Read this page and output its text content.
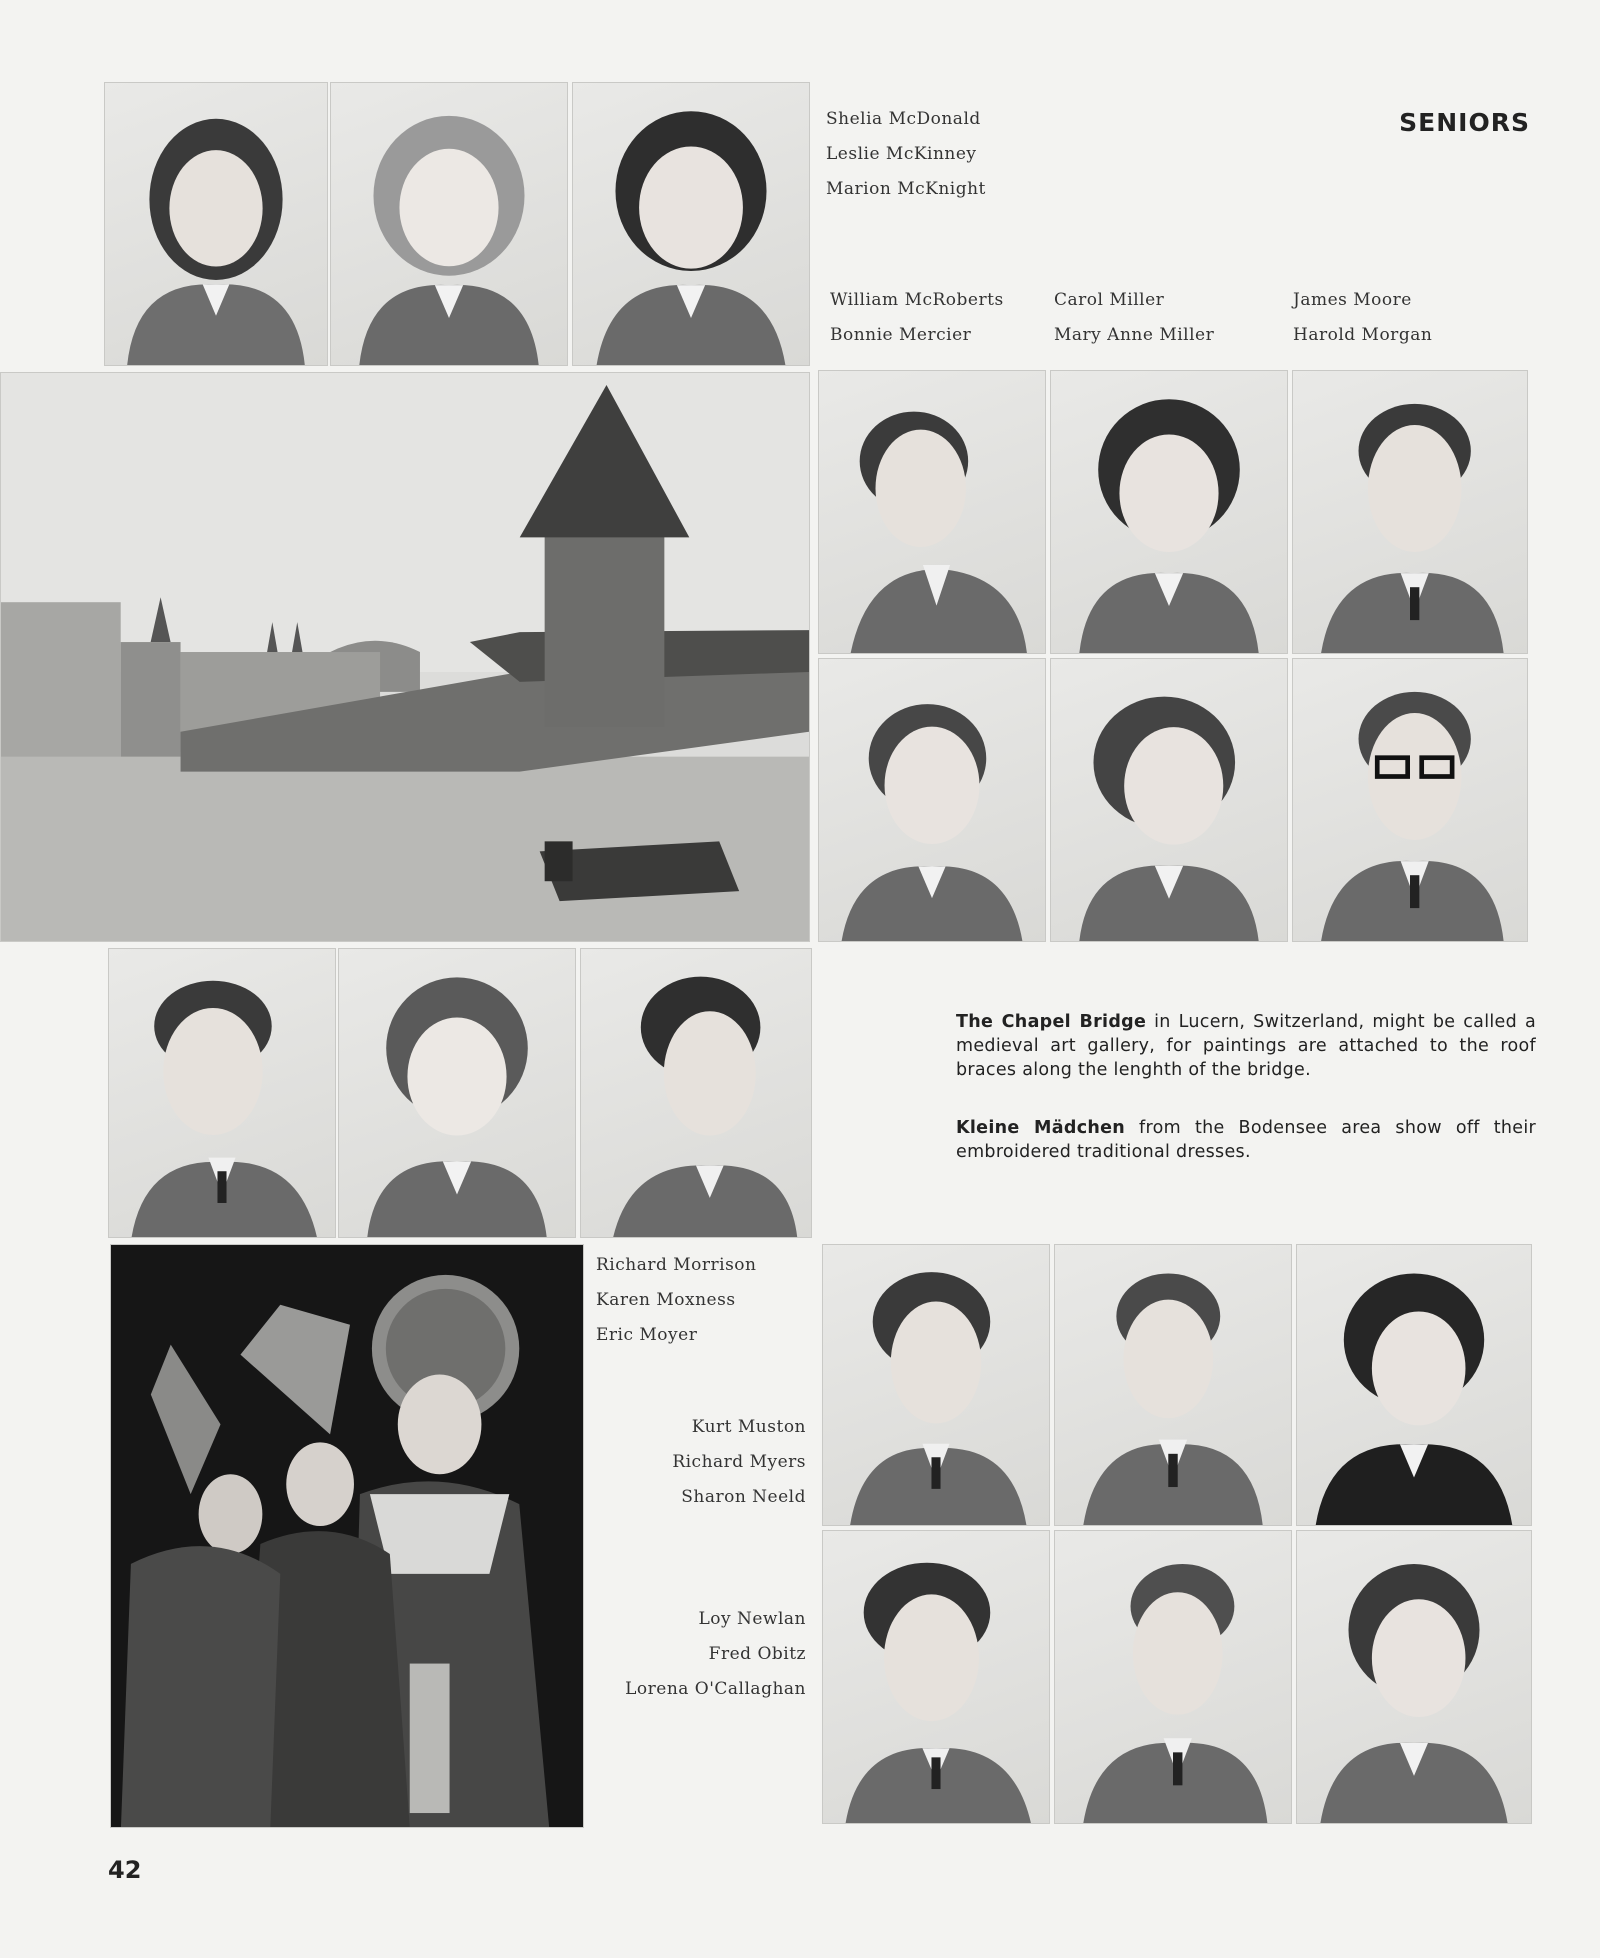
SENIORS
Shelia McDonald
Leslie McKinney
Marion McKnight
William McRoberts
Bonnie Mercier
Carol Miller
Mary Anne Miller
James Moore
Harold Morgan
The Chapel Bridge in Lucern, Switzerland, might be called a medieval art gallery, for paintings are attached to the roof braces along the lenghth of the bridge.
Kleine Mädchen from the Bodensee area show off their embroidered traditional dresses.
Richard Morrison
Karen Moxness
Eric Moyer
Kurt Muston
Richard Myers
Sharon Neeld
Loy Newlan
Fred Obitz
Lorena O'Callaghan
42
